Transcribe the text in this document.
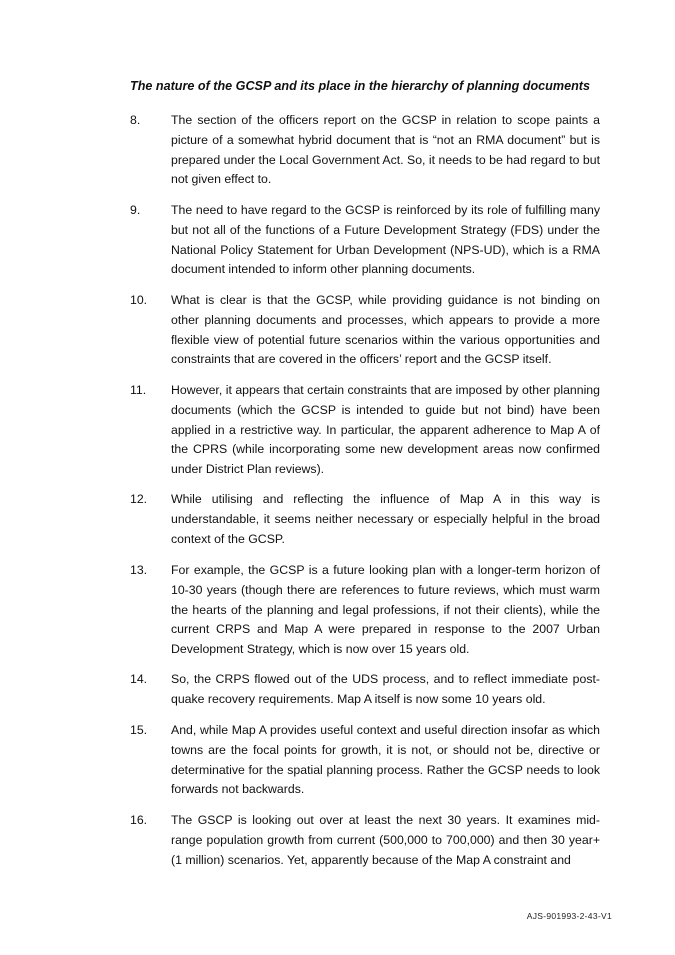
The nature of the GCSP and its place in the hierarchy of planning documents
8.	The section of the officers report on the GCSP in relation to scope paints a picture of a somewhat hybrid document that is “not an RMA document” but is prepared under the Local Government Act. So, it needs to be had regard to but not given effect to.
9.	The need to have regard to the GCSP is reinforced by its role of fulfilling many but not all of the functions of a Future Development Strategy (FDS) under the National Policy Statement for Urban Development (NPS-UD), which is a RMA document intended to inform other planning documents.
10.	What is clear is that the GCSP, while providing guidance is not binding on other planning documents and processes, which appears to provide a more flexible view of potential future scenarios within the various opportunities and constraints that are covered in the officers’ report and the GCSP itself.
11.	However, it appears that certain constraints that are imposed by other planning documents (which the GCSP is intended to guide but not bind) have been applied in a restrictive way. In particular, the apparent adherence to Map A of the CPRS (while incorporating some new development areas now confirmed under District Plan reviews).
12.	While utilising and reflecting the influence of Map A in this way is understandable, it seems neither necessary or especially helpful in the broad context of the GCSP.
13.	For example, the GCSP is a future looking plan with a longer-term horizon of 10-30 years (though there are references to future reviews, which must warm the hearts of the planning and legal professions, if not their clients), while the current CRPS and Map A were prepared in response to the 2007 Urban Development Strategy, which is now over 15 years old.
14.	So, the CRPS flowed out of the UDS process, and to reflect immediate post-quake recovery requirements. Map A itself is now some 10 years old.
15.	And, while Map A provides useful context and useful direction insofar as which towns are the focal points for growth, it is not, or should not be, directive or determinative for the spatial planning process. Rather the GCSP needs to look forwards not backwards.
16.	The GSCP is looking out over at least the next 30 years. It examines mid-range population growth from current (500,000 to 700,000) and then 30 year+ (1 million) scenarios. Yet, apparently because of the Map A constraint and
AJS-901993-2-43-V1
